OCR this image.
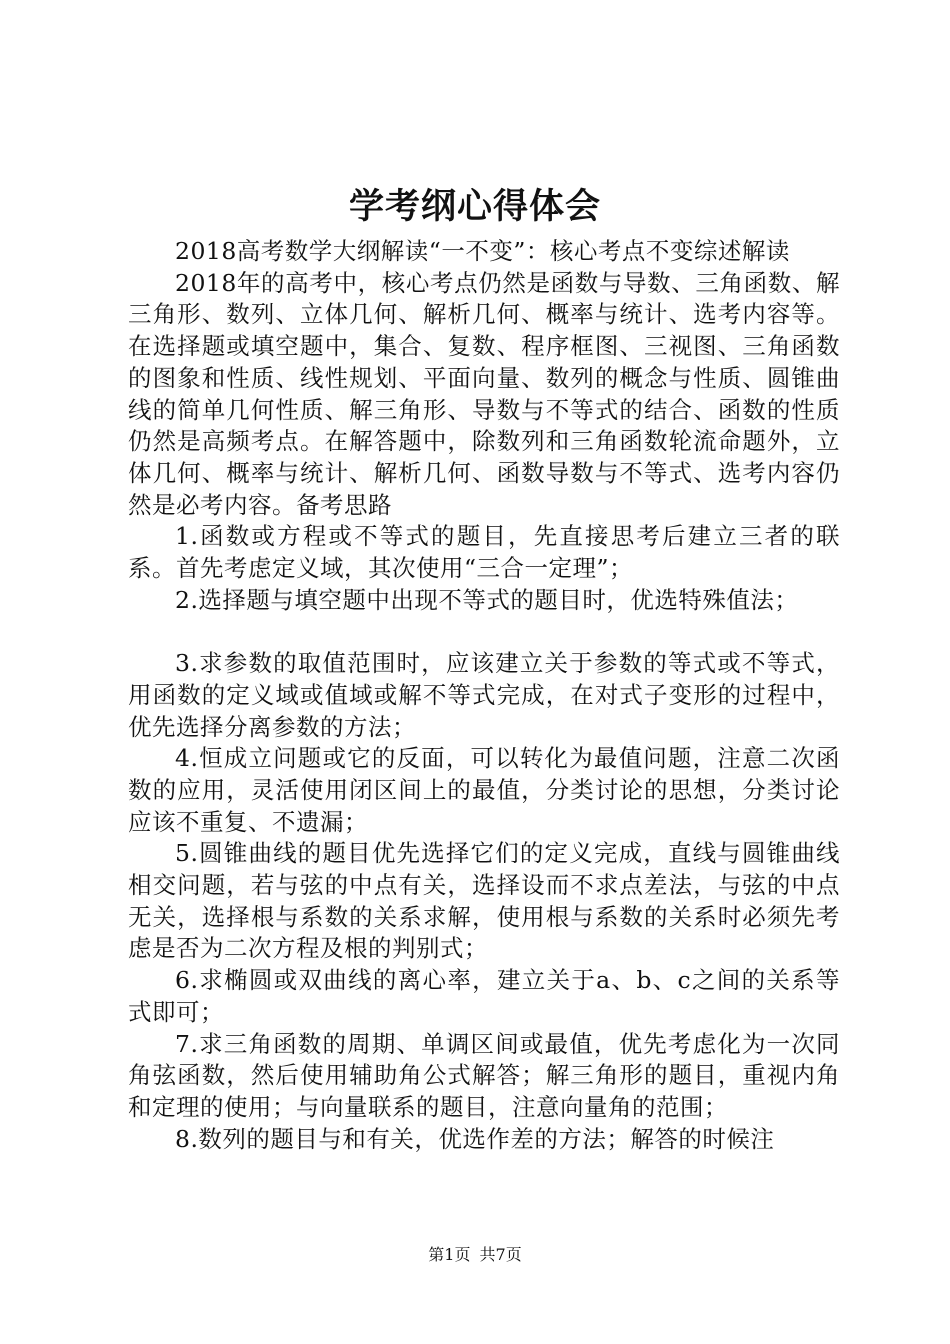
学考纲心得体会

2018高考数学大纲解读“一不变”：核心考点不变综述解读

2018年的高考中，核心考点仍然是函数与导数、三角函数、解三角形、数列、立体几何、解析几何、概率与统计、选考内容等。在选择题或填空题中，集合、复数、程序框图、三视图、三角函数的图象和性质、线性规划、平面向量、数列的概念与性质、圆锥曲线的简单几何性质、解三角形、导数与不等式的结合、函数的性质仍然是高频考点。在解答题中，除数列和三角函数轮流命题外，立体几何、概率与统计、解析几何、函数导数与不等式、选考内容仍然是必考内容。备考思路

1.函数或方程或不等式的题目，先直接思考后建立三者的联系。首先考虑定义域，其次使用“三合一定理”；

2.选择题与填空题中出现不等式的题目时，优选特殊值法；

3.求参数的取值范围时，应该建立关于参数的等式或不等式，用函数的定义域或值域或解不等式完成，在对式子变形的过程中，优先选择分离参数的方法；

4.恒成立问题或它的反面，可以转化为最值问题，注意二次函数的应用，灵活使用闭区间上的最值，分类讨论的思想，分类讨论应该不重复、不遗漏；

5.圆锥曲线的题目优先选择它们的定义完成，直线与圆锥曲线相交问题，若与弦的中点有关，选择设而不求点差法，与弦的中点无关，选择根与系数的关系求解，使用根与系数的关系时必须先考虑是否为二次方程及根的判别式；

6.求椭圆或双曲线的离心率，建立关于a、b、c之间的关系等式即可；

7.求三角函数的周期、单调区间或最值，优先考虑化为一次同角弦函数，然后使用辅助角公式解答；解三角形的题目，重视内角和定理的使用；与向量联系的题目，注意向量角的范围；

8.数列的题目与和有关，优选作差的方法；解答的时候注

第1页 共7页
